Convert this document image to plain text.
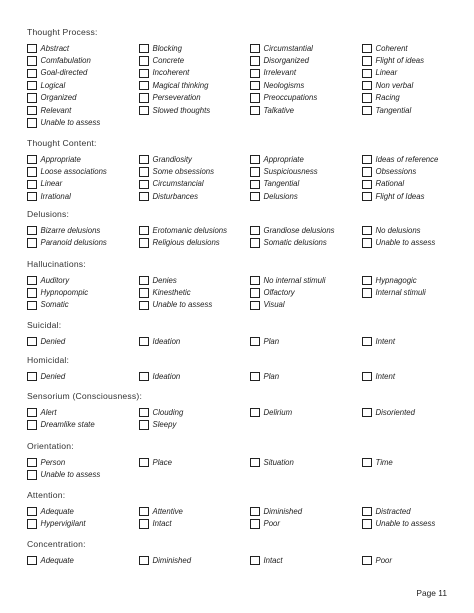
Thought Process:
Abstract	Blocking	Circumstantial	Coherent
Comfabulation	Concrete	Disorganized	Flight of ideas
Goal-directed	Incoherent	Irrelevant	Linear
Logical	Magical thinking	Neologisms	Non verbal
Organized	Perseveration	Preoccupations	Racing
Relevant	Slowed thoughts	Talkative	Tangential
Unable to assess
Thought Content:
Appropriate	Grandiosity	Appropriate	Ideas of reference
Loose associations	Some obsessions	Suspiciousness	Obsessions
Linear	Circumstancial	Tangential	Rational
Irrational	Disturbances	Delusions	Flight of Ideas
Delusions:
Bizarre delusions	Erotomanic delusions	Grandiose delusions	No delusions
Paranoid delusions	Religious delusions	Somatic delusions	Unable to assess
Hallucinations:
Auditory	Denies	No internal stimuli	Hypnagogic
Hypnopompic	Kinesthetic	Olfactory	Internal stimuli
Somatic	Unable to assess	Visual
Suicidal:
Denied	Ideation	Plan	Intent
Homicidal:
Denied	Ideation	Plan	Intent
Sensorium (Consciousness):
Alert	Clouding	Delirium	Disoriented
Dreamlike state	Sleepy
Orientation:
Person	Place	Situation	Time
Unable to assess
Attention:
Adequate	Attentive	Diminished	Distracted
Hypervigilant	Intact	Poor	Unable to assess
Concentration:
Adequate	Diminished	Intact	Poor
Page 11
